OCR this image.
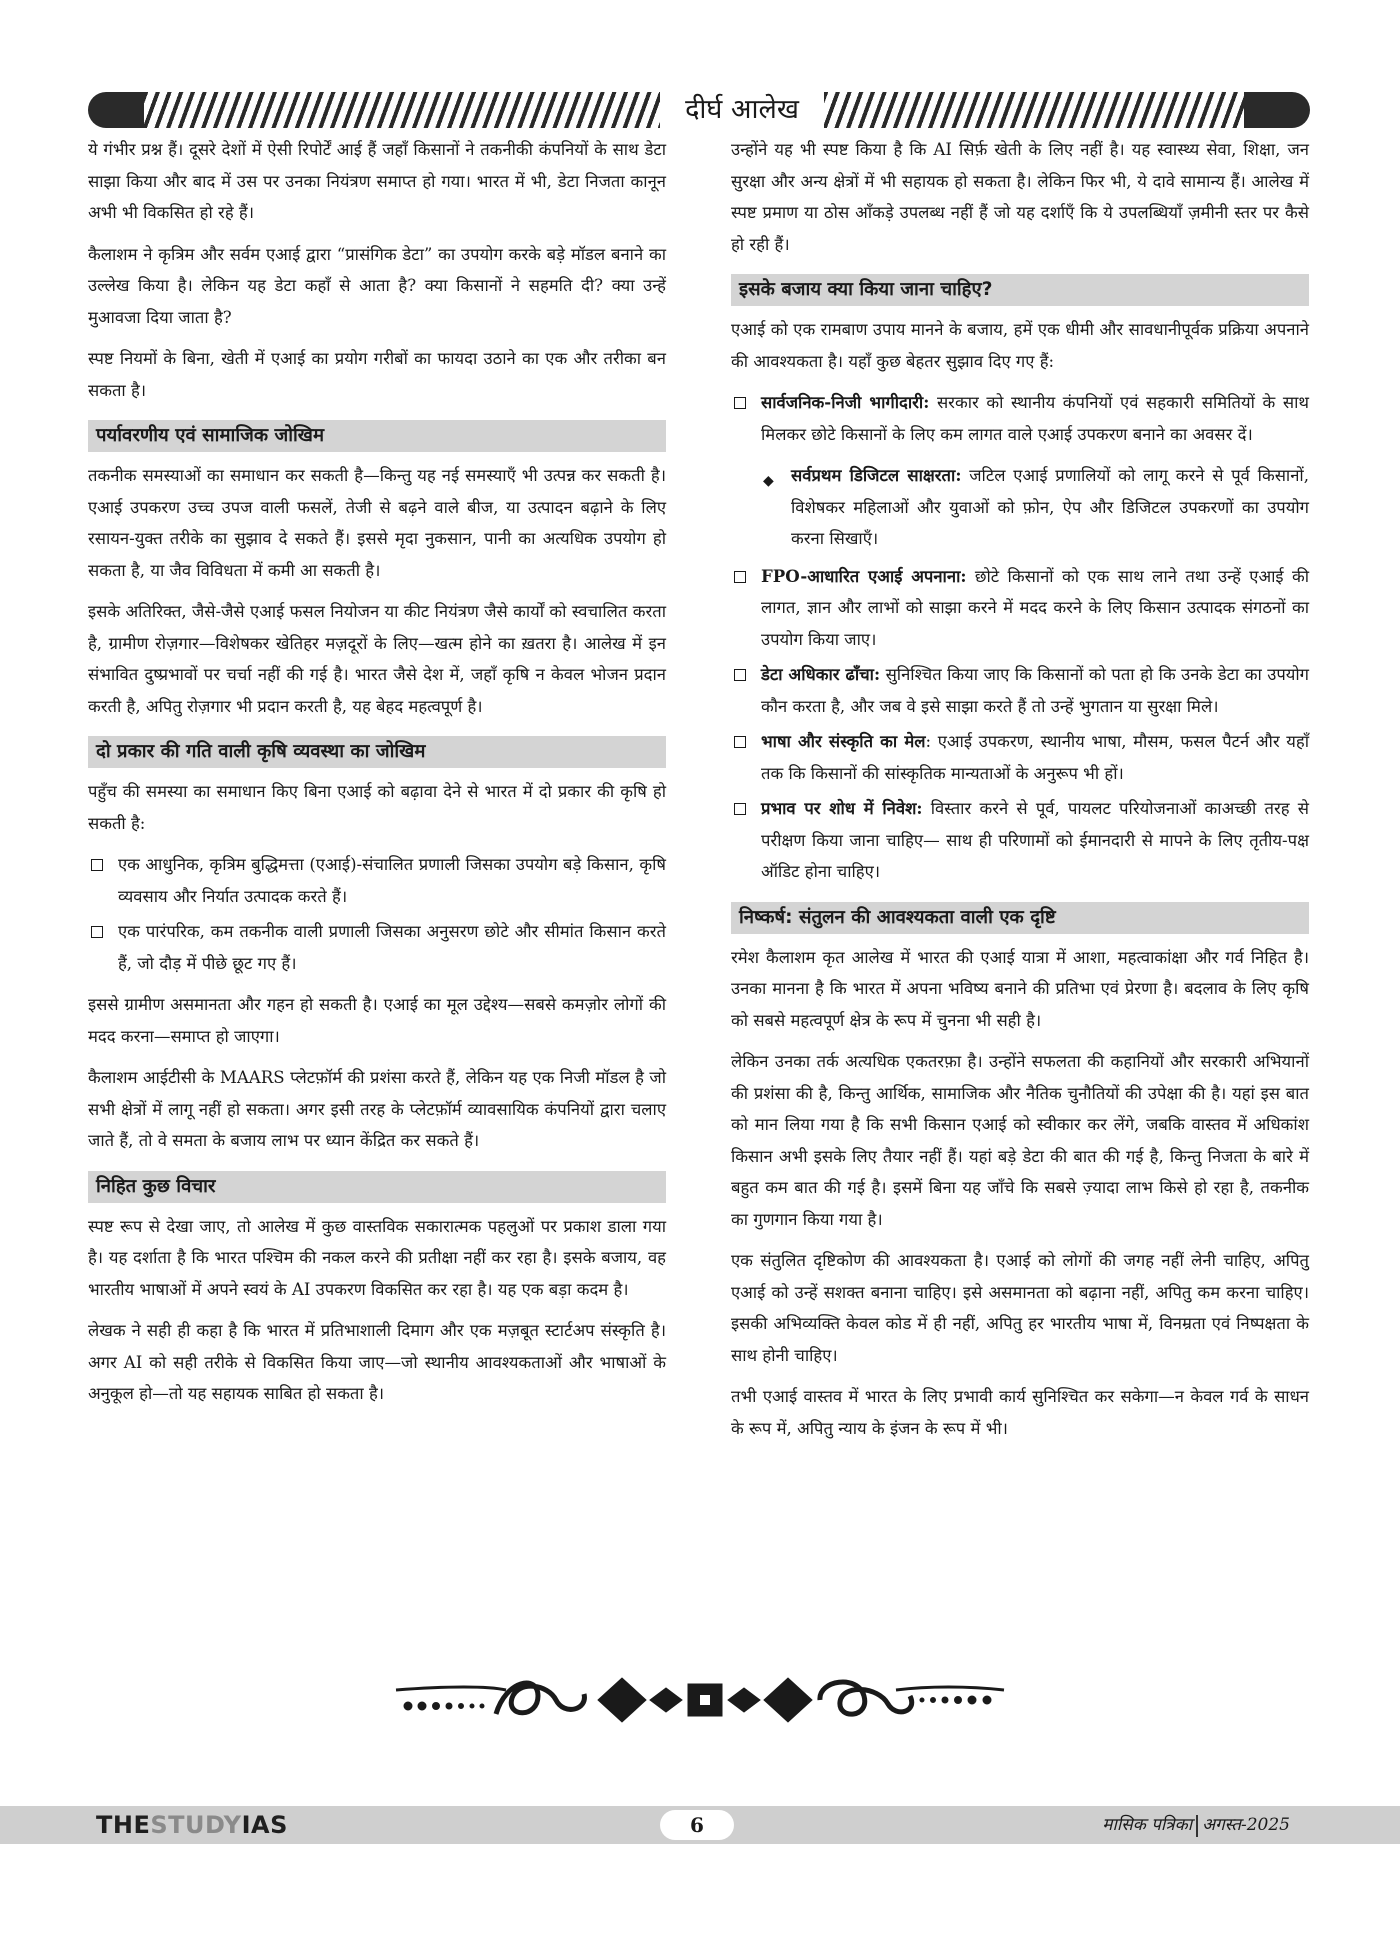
दीर्घ आलेख

ये गंभीर प्रश्न हैं। दूसरे देशों में ऐसी रिपोर्टें आई हैं जहाँ किसानों ने तकनीकी कंपनियों के साथ डेटा साझा किया और बाद में उस पर उनका नियंत्रण समाप्त हो गया। भारत में भी, डेटा निजता कानून अभी भी विकसित हो रहे हैं।

कैलाशम ने कृत्रिम और सर्वम एआई द्वारा “प्रासंगिक डेटा” का उपयोग करके बड़े मॉडल बनाने का उल्लेख किया है। लेकिन यह डेटा कहाँ से आता है? क्या किसानों ने सहमति दी? क्या उन्हें मुआवजा दिया जाता है?

स्पष्ट नियमों के बिना, खेती में एआई का प्रयोग गरीबों का फायदा उठाने का एक और तरीका बन सकता है।

पर्यावरणीय एवं सामाजिक जोखिम

तकनीक समस्याओं का समाधान कर सकती है—किन्तु यह नई समस्याएँ भी उत्पन्न कर सकती है। एआई उपकरण उच्च उपज वाली फसलें, तेजी से बढ़ने वाले बीज, या उत्पादन बढ़ाने के लिए रसायन-युक्त तरीके का सुझाव दे सकते हैं। इससे मृदा नुकसान, पानी का अत्यधिक उपयोग हो सकता है, या जैव विविधता में कमी आ सकती है।

इसके अतिरिक्त, जैसे-जैसे एआई फसल नियोजन या कीट नियंत्रण जैसे कार्यों को स्वचालित करता है, ग्रामीण रोज़गार—विशेषकर खेतिहर मज़दूरों के लिए—खत्म होने का ख़तरा है। आलेख में इन संभावित दुष्प्रभावों पर चर्चा नहीं की गई है। भारत जैसे देश में, जहाँ कृषि न केवल भोजन प्रदान करती है, अपितु रोज़गार भी प्रदान करती है, यह बेहद महत्वपूर्ण है।

दो प्रकार की गति वाली कृषि व्यवस्था का जोखिम

पहुँच की समस्या का समाधान किए बिना एआई को बढ़ावा देने से भारत में दो प्रकार की कृषि हो सकती है:

एक आधुनिक, कृत्रिम बुद्धिमत्ता (एआई)-संचालित प्रणाली जिसका उपयोग बड़े किसान, कृषि व्यवसाय और निर्यात उत्पादक करते हैं।
एक पारंपरिक, कम तकनीक वाली प्रणाली जिसका अनुसरण छोटे और सीमांत किसान करते हैं, जो दौड़ में पीछे छूट गए हैं।

इससे ग्रामीण असमानता और गहन हो सकती है। एआई का मूल उद्देश्य—सबसे कमज़ोर लोगों की मदद करना—समाप्त हो जाएगा।

कैलाशम आईटीसी के MAARS प्लेटफ़ॉर्म की प्रशंसा करते हैं, लेकिन यह एक निजी मॉडल है जो सभी क्षेत्रों में लागू नहीं हो सकता। अगर इसी तरह के प्लेटफ़ॉर्म व्यावसायिक कंपनियों द्वारा चलाए जाते हैं, तो वे समता के बजाय लाभ पर ध्यान केंद्रित कर सकते हैं।

निहित कुछ विचार

स्पष्ट रूप से देखा जाए, तो आलेख में कुछ वास्तविक सकारात्मक पहलुओं पर प्रकाश डाला गया है। यह दर्शाता है कि भारत पश्चिम की नकल करने की प्रतीक्षा नहीं कर रहा है। इसके बजाय, वह भारतीय भाषाओं में अपने स्वयं के AI उपकरण विकसित कर रहा है। यह एक बड़ा कदम है।

लेखक ने सही ही कहा है कि भारत में प्रतिभाशाली दिमाग और एक मज़बूत स्टार्टअप संस्कृति है। अगर AI को सही तरीके से विकसित किया जाए—जो स्थानीय आवश्यकताओं और भाषाओं के अनुकूल हो—तो यह सहायक साबित हो सकता है।

उन्होंने यह भी स्पष्ट किया है कि AI सिर्फ़ खेती के लिए नहीं है। यह स्वास्थ्य सेवा, शिक्षा, जन सुरक्षा और अन्य क्षेत्रों में भी सहायक हो सकता है। लेकिन फिर भी, ये दावे सामान्य हैं। आलेख में स्पष्ट प्रमाण या ठोस आँकड़े उपलब्ध नहीं हैं जो यह दर्शाएँ कि ये उपलब्धियाँ ज़मीनी स्तर पर कैसे हो रही हैं।

इसके बजाय क्या किया जाना चाहिए?

एआई को एक रामबाण उपाय मानने के बजाय, हमें एक धीमी और सावधानीपूर्वक प्रक्रिया अपनाने की आवश्यकता है। यहाँ कुछ बेहतर सुझाव दिए गए हैं:

सार्वजनिक-निजी भागीदारी: सरकार को स्थानीय कंपनियों एवं सहकारी समितियों के साथ मिलकर छोटे किसानों के लिए कम लागत वाले एआई उपकरण बनाने का अवसर दें।
◆ सर्वप्रथम डिजिटल साक्षरता: जटिल एआई प्रणालियों को लागू करने से पूर्व किसानों, विशेषकर महिलाओं और युवाओं को फ़ोन, ऐप और डिजिटल उपकरणों का उपयोग करना सिखाएँ।
FPO-आधारित एआई अपनाना: छोटे किसानों को एक साथ लाने तथा उन्हें एआई की लागत, ज्ञान और लाभों को साझा करने में मदद करने के लिए किसान उत्पादक संगठनों का उपयोग किया जाए।
डेटा अधिकार ढाँचा: सुनिश्चित किया जाए कि किसानों को पता हो कि उनके डेटा का उपयोग कौन करता है, और जब वे इसे साझा करते हैं तो उन्हें भुगतान या सुरक्षा मिले।
भाषा और संस्कृति का मेल: एआई उपकरण, स्थानीय भाषा, मौसम, फसल पैटर्न और यहाँ तक कि किसानों की सांस्कृतिक मान्यताओं के अनुरूप भी हों।
प्रभाव पर शोध में निवेश: विस्तार करने से पूर्व, पायलट परियोजनाओं काअच्छी तरह से परीक्षण किया जाना चाहिए— साथ ही परिणामों को ईमानदारी से मापने के लिए तृतीय-पक्ष ऑडिट होना चाहिए।
निष्कर्ष: संतुलन की आवश्यकता वाली एक दृष्टि

रमेश कैलाशम कृत आलेख में भारत की एआई यात्रा में आशा, महत्वाकांक्षा और गर्व निहित है। उनका मानना है कि भारत में अपना भविष्य बनाने की प्रतिभा एवं प्रेरणा है। बदलाव के लिए कृषि को सबसे महत्वपूर्ण क्षेत्र के रूप में चुनना भी सही है।

लेकिन उनका तर्क अत्यधिक एकतरफ़ा है। उन्होंने सफलता की कहानियों और सरकारी अभियानों की प्रशंसा की है, किन्तु आर्थिक, सामाजिक और नैतिक चुनौतियों की उपेक्षा की है। यहां इस बात को मान लिया गया है कि सभी किसान एआई को स्वीकार कर लेंगे, जबकि वास्तव में अधिकांश किसान अभी इसके लिए तैयार नहीं हैं। यहां बड़े डेटा की बात की गई है, किन्तु निजता के बारे में बहुत कम बात की गई है। इसमें बिना यह जाँचे कि सबसे ज़्यादा लाभ किसे हो रहा है, तकनीक का गुणगान किया गया है।

एक संतुलित दृष्टिकोण की आवश्यकता है। एआई को लोगों की जगह नहीं लेनी चाहिए, अपितु एआई को उन्हें सशक्त बनाना चाहिए। इसे असमानता को बढ़ाना नहीं, अपितु कम करना चाहिए। इसकी अभिव्यक्ति केवल कोड में ही नहीं, अपितु हर भारतीय भाषा में, विनम्रता एवं निष्पक्षता के साथ होनी चाहिए।

तभी एआई वास्तव में भारत के लिए प्रभावी कार्य सुनिश्चित कर सकेगा—न केवल गर्व के साधन के रूप में, अपितु न्याय के इंजन के रूप में भी।

THESTUDYIAS	6	मासिक पत्रिका अगस्त-2025
